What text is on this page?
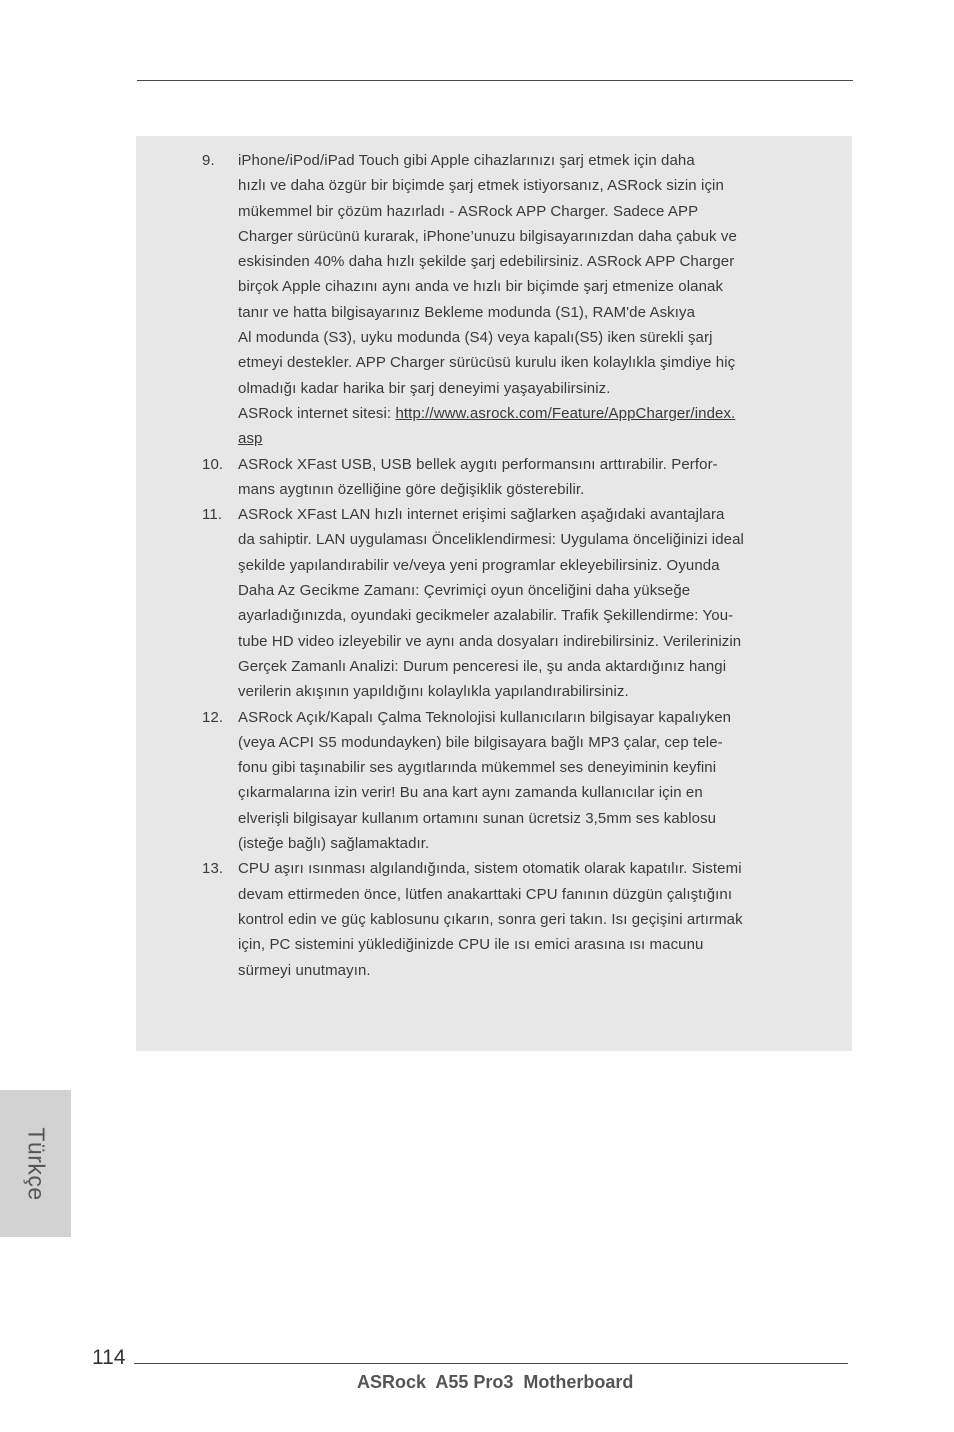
9. iPhone/iPod/iPad Touch gibi Apple cihazlarınızı şarj etmek için daha
hızlı ve daha özgür bir biçimde şarj etmek istiyorsanız, ASRock sizin için
mükemmel bir çözüm hazırladı - ASRock APP Charger. Sadece APP
Charger sürücünü kurarak, iPhone’unuzu bilgisayarınızdan daha çabuk ve
eskisinden 40% daha hızlı şekilde şarj edebilirsiniz. ASRock APP Charger
birçok Apple cihazını aynı anda ve hızlı bir biçimde şarj etmenize olanak
tanır ve hatta bilgisayarınız Bekleme modunda (S1), RAM'de Askıya
Al modunda (S3), uyku modunda (S4) veya kapalı(S5) iken sürekli şarj
etmeyi destekler. APP Charger sürücüsü kurulu iken kolaylıkla şimdiye hiç
olmadığı kadar harika bir şarj deneyimi yaşayabilirsiniz.
ASRock internet sitesi: http://www.asrock.com/Feature/AppCharger/index.
asp
10. ASRock XFast USB, USB bellek aygıtı performansını arttırabilir. Perfor-
mans aygtının özelliğine göre değişiklik gösterebilir.
11. ASRock XFast LAN hızlı internet erişimi sağlarken aşağıdaki avantajlara
da sahiptir. LAN uygulaması Önceliklendirmesi: Uygulama önceliğinizi ideal
şekilde yapılandırabilir ve/veya yeni programlar ekleyebilirsiniz. Oyunda
Daha Az Gecikme Zamanı: Çevrimiçi oyun önceliğini daha yükseğe
ayarladığınızda, oyundaki gecikmeler azalabilir. Trafik Şekillendirme: You-
tube HD video izleyebilir ve aynı anda dosyaları indirebilirsiniz. Verilerinizin
Gerçek Zamanlı Analizi: Durum penceresi ile, şu anda aktardığınız hangi
verilerin akışının yapıldığını kolaylıkla yapılandırabilirsiniz.
12. ASRock Açık/Kapalı Çalma Teknolojisi kullanıcıların bilgisayar kapalıyken
(veya ACPI S5 modundayken) bile bilgisayara bağlı MP3 çalar, cep tele-
fonu gibi taşınabilir ses aygıtlarında mükemmel ses deneyiminin keyfini
çıkarmalarına izin verir! Bu ana kart aynı zamanda kullanıcılar için en
elverişli bilgisayar kullanım ortamını sunan ücretsiz 3,5mm ses kablosu
(isteğe bağlı) sağlamaktadır.
13. CPU aşırı ısınması algılandığında, sistem otomatik olarak kapatılır. Sistemi
devam ettirmeden önce, lütfen anakarttaki CPU fanının düzgün çalıştığını
kontrol edin ve güç kablosunu çıkarın, sonra geri takın. Isı geçişini artırmak
için, PC sistemini yüklediğinizde CPU ile ısı emici arasına ısı macunu
sürmeyi unutmayın.
Türkçe
114
ASRock  A55 Pro3  Motherboard
